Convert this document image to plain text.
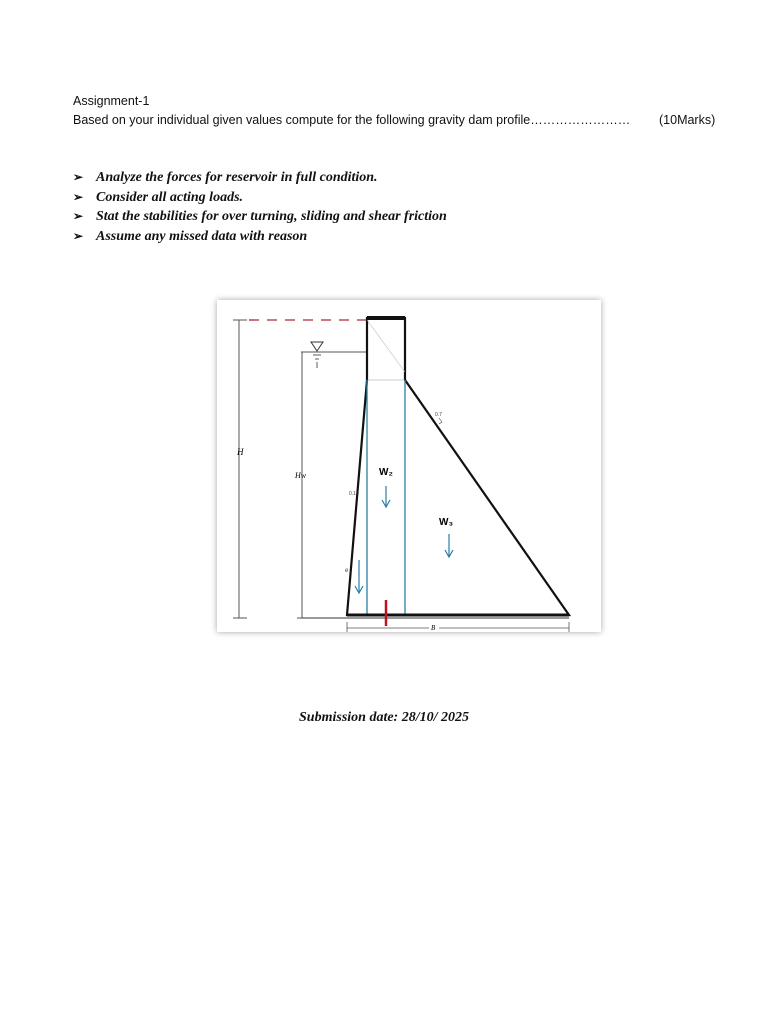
Assignment-1
Based on your individual given values compute for the following gravity dam profile…………………… (10Marks)
➢ Analyze the forces for reservoir in full condition.
➢ Consider all acting loads.
➢ Stat the stabilities for over turning, sliding and shear friction
➢ Assume any missed data with reason
H
Hw
0.7
0.1
e
W₂
W₃
B
Submission date: 28/10/ 2025
